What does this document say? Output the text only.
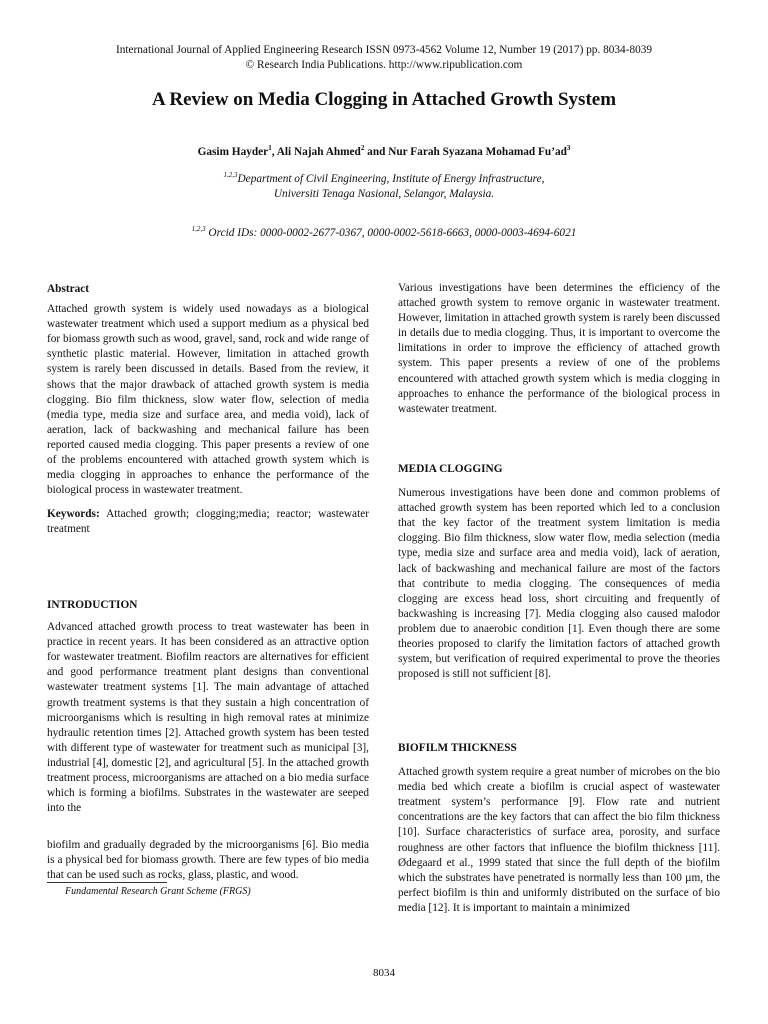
International Journal of Applied Engineering Research ISSN 0973-4562 Volume 12, Number 19 (2017) pp. 8034-8039
© Research India Publications. http://www.ripublication.com
A Review on Media Clogging in Attached Growth System
Gasim Hayder$^1$, Ali Najah Ahmed$^2$ and Nur Farah Syazana Mohamad $Fu’ad^3$
$^{1,2,3}$Department of Civil Engineering, Institute of Energy Infrastructure,
Universiti Tenaga Nasional, Selangor, Malaysia.
$^{1,2,3}$ Orcid IDs: 0000-0002-2677-0367, 0000-0002-5618-6663, 0000-0003-4694-6021
Abstract

Attached growth system is widely used nowadays as a biological wastewater treatment which used a support medium as a physical bed for biomass growth such as wood, gravel, sand, rock and wide range of synthetic plastic material. However, limitation in attached growth system is rarely been discussed in details. Based from the review, it shows that the major drawback of attached growth system is media clogging. Bio film thickness, slow water flow, selection of media (media type, media size and surface area, and media void), lack of aeration, lack of backwashing and mechanical failure has been reported caused media clogging. This paper presents a review of one of the problems encountered with attached growth system which is media clogging in approaches to enhance the performance of the biological process in wastewater treatment.

Keywords: Attached growth; clogging;media; reactor; wastewater treatment

INTRODUCTION

Advanced attached growth process to treat wastewater has been in practice in recent years. It has been considered as an attractive option for wastewater treatment. Biofilm reactors are alternatives for efficient and good performance treatment plant designs than conventional wastewater treatment systems [1]. The main advantage of attached growth treatment systems is that they sustain a high concentration of microorganisms which is resulting in high removal rates at minimize hydraulic retention times [2]. Attached growth system has been tested with different type of wastewater for treatment such as municipal [3], industrial [4], domestic [2], and agricultural [5]. In the attached growth treatment process, microorganisms are attached on a bio media surface which is forming a biofilms. Substrates in the wastewater are seeped into the

biofilm and gradually degraded by the microorganisms [6]. Bio media is a physical bed for biomass growth. There are few types of bio media that can be used such as rocks, glass, plastic, and wood.

Fundamental Research Grant Scheme (FRGS)

Various investigations have been determines the efficiency of the attached growth system to remove organic in wastewater treatment. However, limitation in attached growth system is rarely been discussed in details due to media clogging. Thus, it is important to overcome the limitations in order to improve the efficiency of attached growth system. This paper presents a review of one of the problems encountered with attached growth system which is media clogging in approaches to enhance the performance of the biological process in wastewater treatment.

MEDIA CLOGGING

Numerous investigations have been done and common problems of attached growth system has been reported which led to a conclusion that the key factor of the treatment system limitation is media clogging. Bio film thickness, slow water flow, media selection (media type, media size and surface area and media void), lack of aeration, lack of backwashing and mechanical failure are most of the factors that contribute to media clogging. The consequences of media clogging are excess head loss, short circuiting and frequently of backwashing is increasing [7]. Media clogging also caused malodor problem due to anaerobic condition [1]. Even though there are some theories proposed to clarify the limitation factors of attached growth system, but verification of required experimental to prove the theories proposed is still not sufficient [8].

BIOFILM THICKNESS

Attached growth system require a great number of microbes on the bio media bed which create a biofilm is crucial aspect of wastewater treatment system’s performance [9]. Flow rate and nutrient concentrations are the key factors that can affect the bio film thickness [10]. Surface characteristics of surface area, porosity, and surface roughness are other factors that influence the biofilm thickness [11]. Ødegaard et al., 1999 stated that since the full depth of the biofilm which the substrates have penetrated is normally less than 100 µm, the perfect biofilm is thin and uniformly distributed on the surface of bio media [12]. It is important to maintain a minimized

8034
